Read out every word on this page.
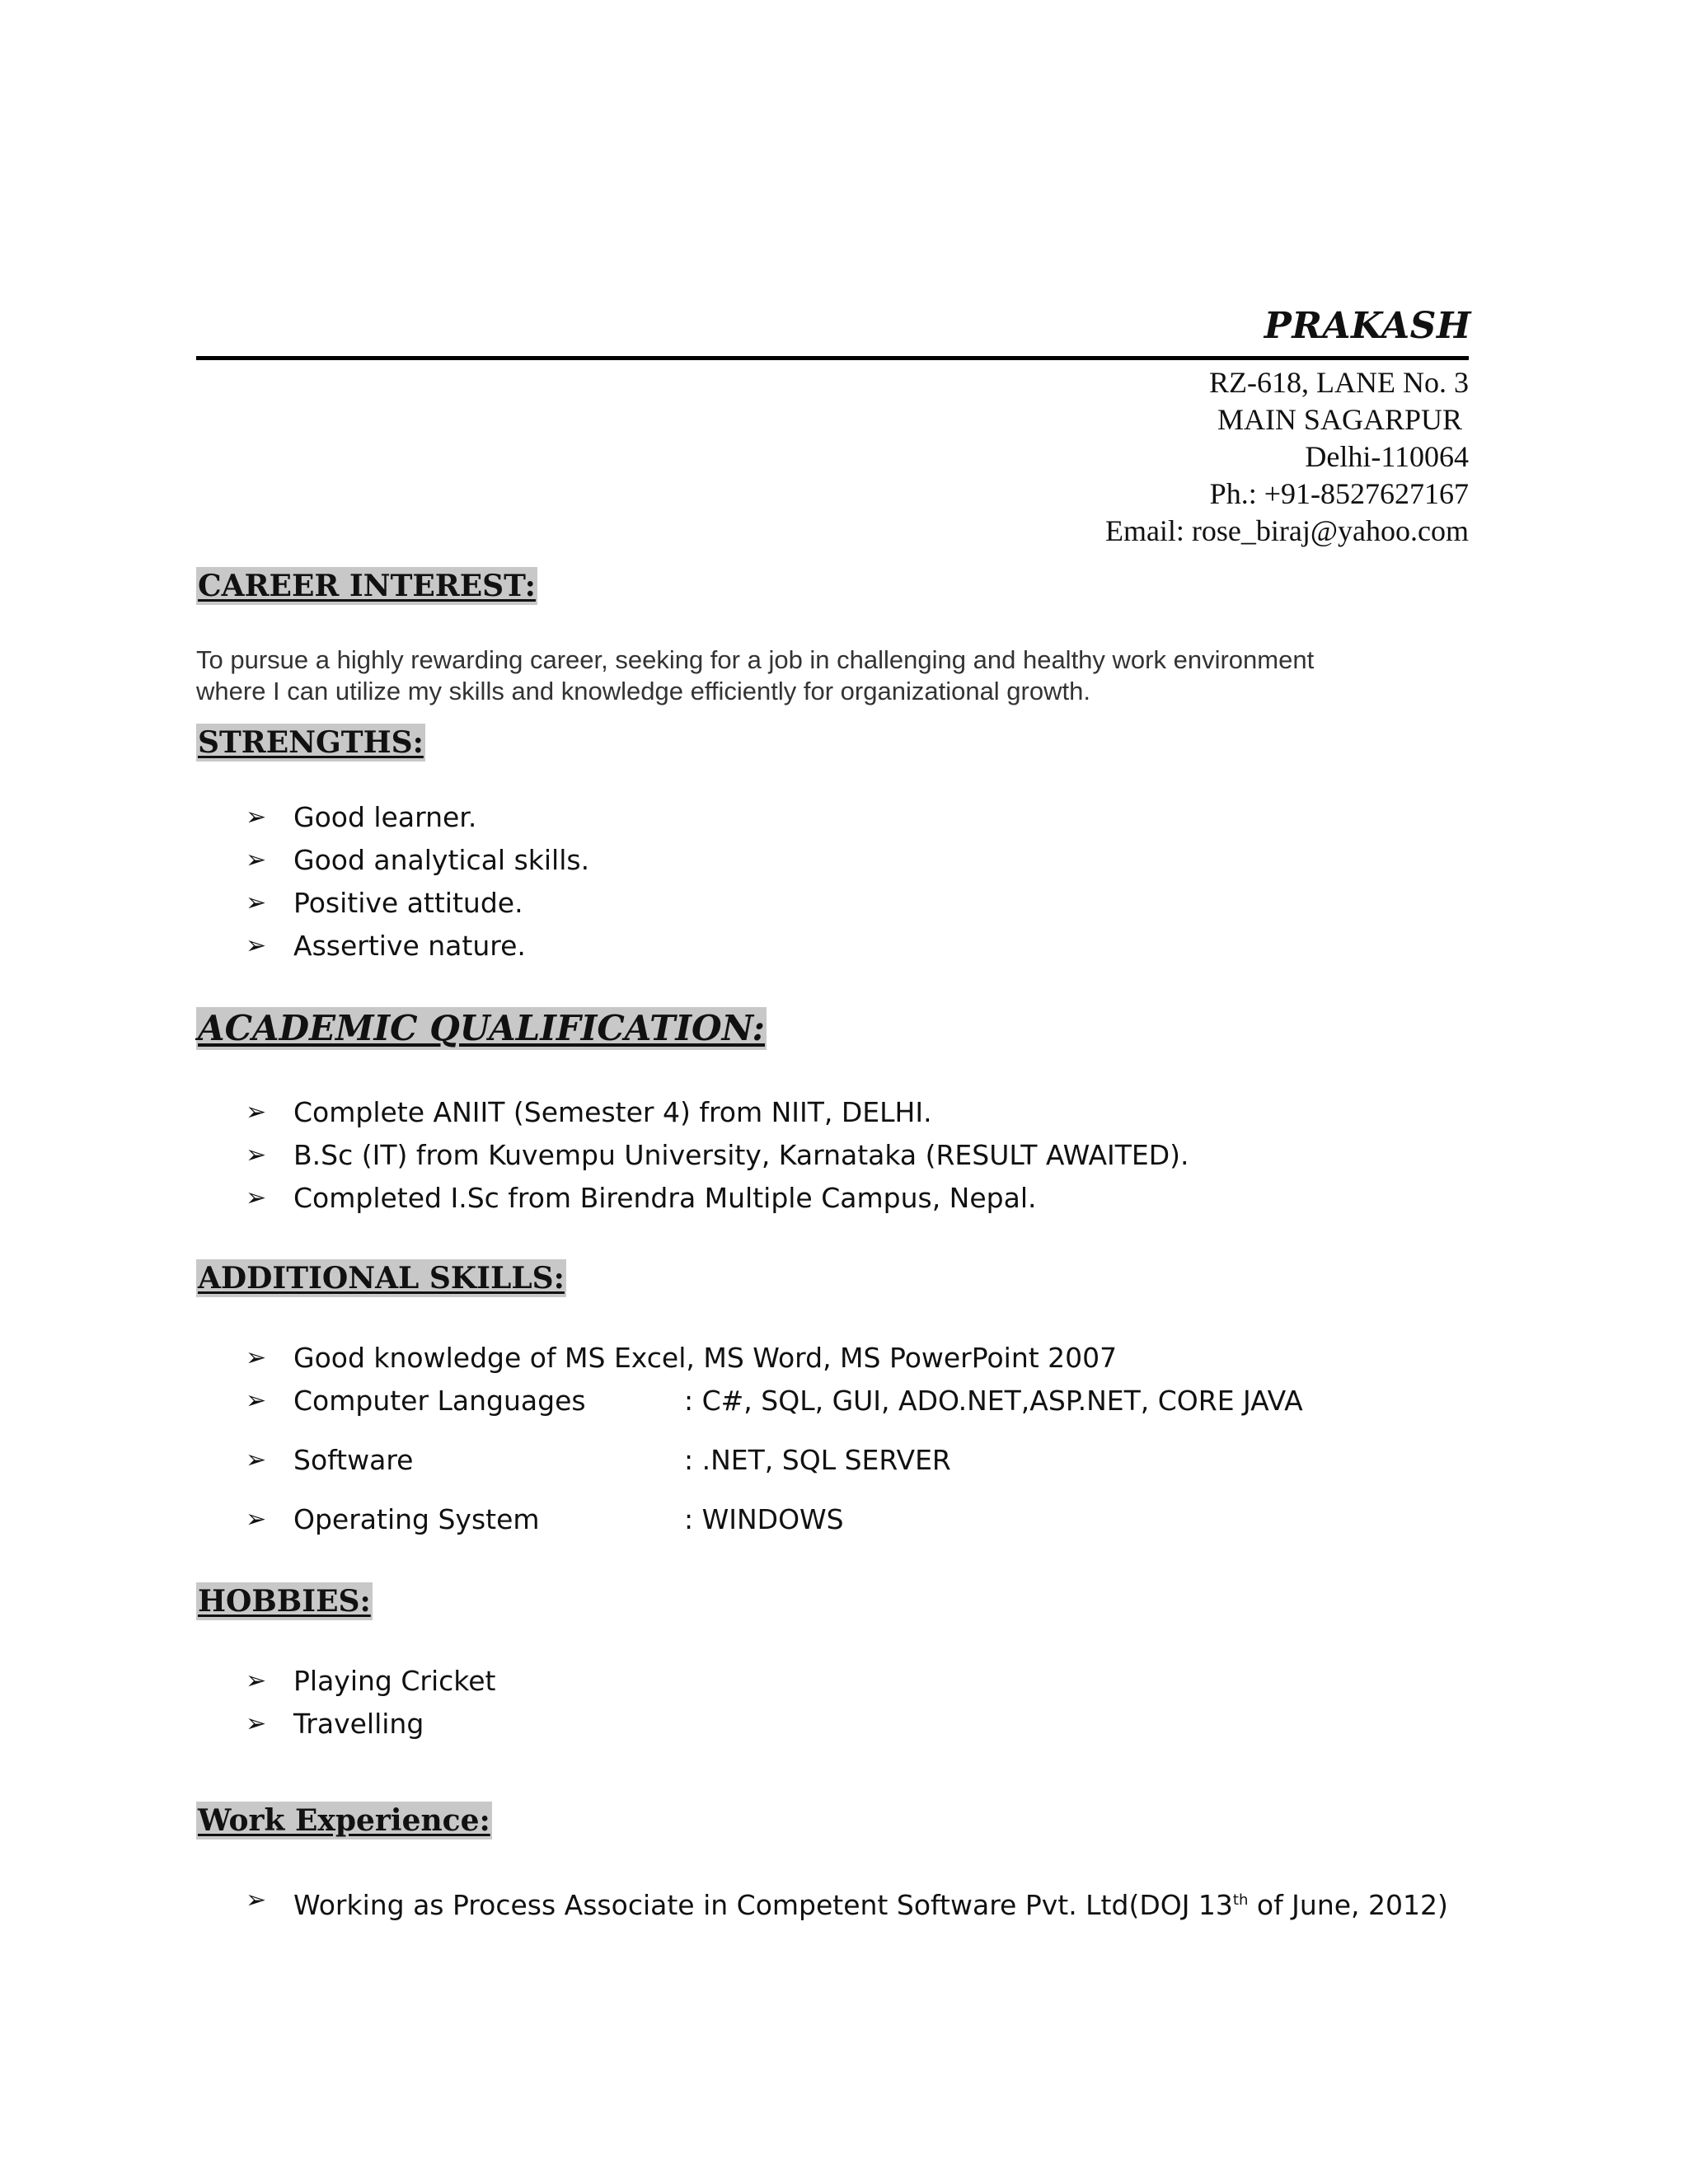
PRAKASH
RZ-618, LANE No. 3
MAIN SAGARPUR
Delhi-110064
Ph.: +91-8527627167
Email: rose_biraj@yahoo.com
CAREER INTEREST:
To pursue a highly rewarding career, seeking for a job in challenging and healthy work environment
where I can utilize my skills and knowledge efficiently for organizational growth.
STRENGTHS:
➢ Good learner.
➢ Good analytical skills.
➢ Positive attitude.
➢ Assertive nature.
ACADEMIC QUALIFICATION:
➢ Complete ANIIT (Semester 4) from NIIT, DELHI.
➢ B.Sc (IT) from Kuvempu University, Karnataka (RESULT AWAITED).
➢ Completed I.Sc from Birendra Multiple Campus, Nepal.
ADDITIONAL SKILLS:
➢ Good knowledge of MS Excel, MS Word, MS PowerPoint 2007
➢ Computer Languages	: C#, SQL, GUI, ADO.NET,ASP.NET, CORE JAVA
➢ Software	: .NET, SQL SERVER
➢ Operating System	: WINDOWS
HOBBIES:
➢ Playing Cricket
➢ Travelling
Work Experience:
➢ Working as Process Associate in Competent Software Pvt. Ltd(DOJ 13th of June, 2012)
